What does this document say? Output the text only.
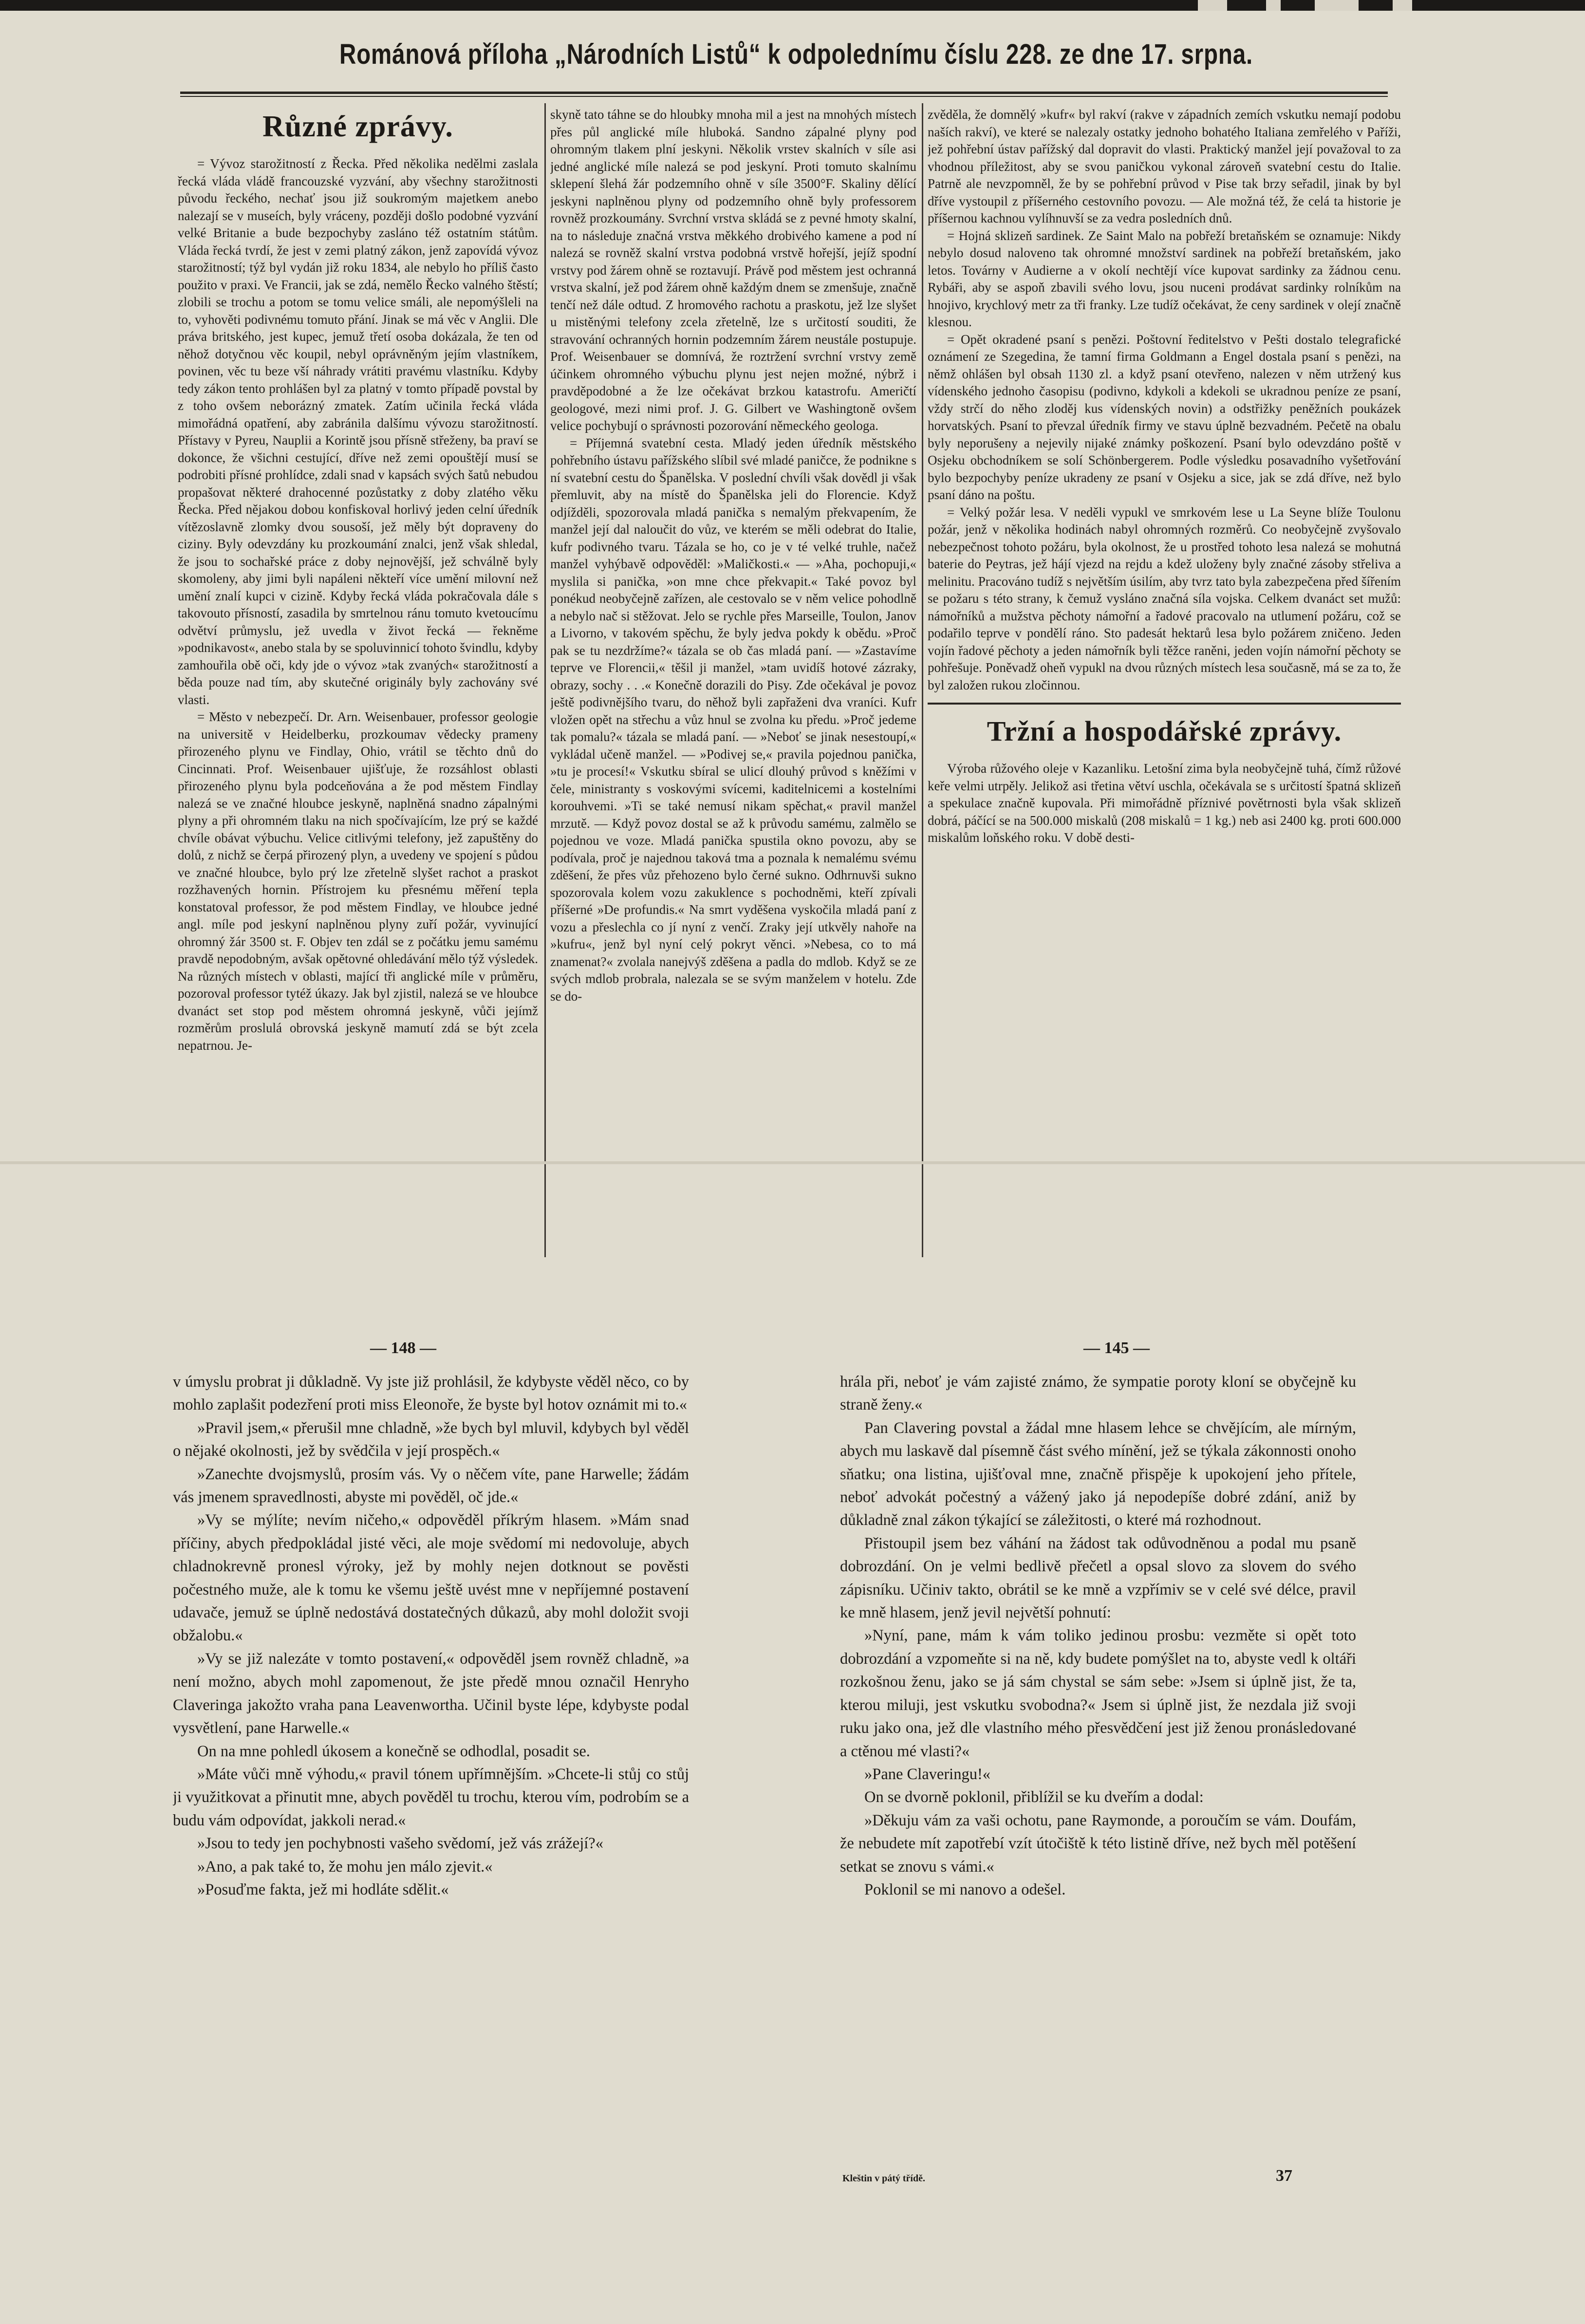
Románová příloha „Národních Listů“ k odpolednímu číslu 228. ze dne 17. srpna.
Různé zprávy.

= Vývoz starožitností z Řecka. Před několika nedělmi zaslala řecká vláda vládě francouzské vyzvání, aby všechny starožitnosti původu řeckého, nechať jsou již soukromým majetkem anebo nalezají se v museích, byly vráceny, později došlo podobné vyzvání velké Britanie a bude bezpochyby zasláno též ostatním státům. Vláda řecká tvrdí, že jest v zemi platný zákon, jenž zapovídá vývoz starožitností; týž byl vydán již roku 1834, ale nebylo ho příliš často použito v praxi. Ve Francii, jak se zdá, nemělo Řecko valného štěstí; zlobili se trochu a potom se tomu velice smáli, ale nepomýšleli na to, vyhověti podivnému tomuto přání. Jinak se má věc v Anglii. Dle práva britského, jest kupec, jemuž třetí osoba dokázala, že ten od něhož dotyčnou věc koupil, nebyl oprávněným jejím vlastníkem, povinen, věc tu beze vší náhrady vrátiti pravému vlastníku. Kdyby tedy zákon tento prohlášen byl za platný v tomto případě povstal by z toho ovšem neborázný zmatek. Zatím učinila řecká vláda mimořádná opatření, aby zabránila dalšímu vývozu starožitností. Přístavy v Pyreu, Nauplii a Korintě jsou přísně střeženy, ba praví se dokonce, že všichni cestující, dříve než zemi opouštějí musí se podrobiti přísné prohlídce, zdali snad v kapsách svých šatů nebudou propašovat některé drahocenné pozůstatky z doby zlatého věku Řecka. Před nějakou dobou konfiskoval horlivý jeden celní úředník vítězoslavně zlomky dvou sousoší, jež měly být dopraveny do ciziny. Byly odevzdány ku prozkoumání znalci, jenž však shledal, že jsou to sochařské práce z doby nejnovější, jež schválně byly skomoleny, aby jimi byli napáleni někteří více umění milovní než umění znalí kupci v cizině. Kdyby řecká vláda pokračovala dále s takovouto přísností, zasadila by smrtelnou ránu tomuto kvetoucímu odvětví průmyslu, jež uvedla v život řecká — řekněme »podnikavost«, anebo stala by se spoluvinnicí tohoto švindlu, kdyby zamhouřila obě oči, kdy jde o vývoz »tak zvaných« starožitností a běda pouze nad tím, aby skutečné originály byly zachovány své vlasti.

= Město v nebezpečí. Dr. Arn. Weisenbauer, professor geologie na universitě v Heidelberku, prozkoumav vědecky prameny přirozeného plynu ve Findlay, Ohio, vrátil se těchto dnů do Cincinnati. Prof. Weisenbauer ujišťuje, že rozsáhlost oblasti přirozeného plynu byla podceňována a že pod městem Findlay nalezá se ve značné hloubce jeskyně, naplněná snadno zápalnými plyny a při ohromném tlaku na nich spočívajícím, lze prý se každé chvíle obávat výbuchu. Velice citlivými telefony, jež zapuštěny do dolů, z nichž se čerpá přirozený plyn, a uvedeny ve spojení s půdou ve značné hloubce, bylo prý lze zřetelně slyšet rachot a praskot rozžhavených hornin. Přístrojem ku přesnému měření tepla konstatoval professor, že pod městem Findlay, ve hloubce jedné angl. míle pod jeskyní naplněnou plyny zuří požár, vyvinující ohromný žár 3500 st. F. Objev ten zdál se z počátku jemu samému pravdě nepodobným, avšak opětovné ohledávání mělo týž výsledek. Na různých místech v oblasti, mající tři anglické míle v průměru, pozoroval professor tytéž úkazy. Jak byl zjistil, nalezá se ve hloubce dvanáct set stop pod městem ohromná jeskyně, vůči jejímž rozměrům proslulá obrovská jeskyně mamutí zdá se být zcela nepatrnou. Je-

skyně tato táhne se do hloubky mnoha mil a jest na mnohých místech přes půl anglické míle hluboká. Sandno zápalné plyny pod ohromným tlakem plní jeskyni. Několik vrstev skalních v síle asi jedné anglické míle nalezá se pod jeskyní. Proti tomuto skalnímu sklepení šlehá žár podzemního ohně v síle 3500°F. Skaliny dělící jeskyni naplněnou plyny od podzemního ohně byly professorem rovněž prozkoumány. Svrchní vrstva skládá se z pevné hmoty skalní, na to následuje značná vrstva měkkého drobivého kamene a pod ní nalezá se rovněž skalní vrstva podobná vrstvě hořejší, jejíž spodní vrstvy pod žárem ohně se roztavují. Právě pod městem jest ochranná vrstva skalní, jež pod žárem ohně každým dnem se zmenšuje, značně tenčí než dále odtud. Z hromového rachotu a praskotu, jež lze slyšet u mistěnými telefony zcela zřetelně, lze s určitostí souditi, že stravování ochranných hornin podzemním žárem neustále postupuje. Prof. Weisenbauer se domnívá, že roztržení svrchní vrstvy země účinkem ohromného výbuchu plynu jest nejen možné, nýbrž i pravděpodobné a že lze očekávat brzkou katastrofu. Američtí geologové, mezi nimi prof. J. G. Gilbert ve Washingtoně ovšem velice pochybují o správnosti pozorování německého geologa.

= Příjemná svatební cesta. Mladý jeden úředník městského pohřebního ústavu pařížského slíbil své mladé paničce, že podnikne s ní svatební cestu do Španělska. V poslední chvíli však dovědl ji však přemluvit, aby na místě do Španělska jeli do Florencie. Když odjížděli, spozorovala mladá panička s nemalým překvapením, že manžel její dal naloučit do vůz, ve kterém se měli odebrat do Italie, kufr podivného tvaru. Tázala se ho, co je v té velké truhle, načež manžel vyhýbavě odpověděl: »Maličkosti.« — »Aha, pochopuji,« myslila si panička, »on mne chce překvapit.« Také povoz byl ponékud neobyčejně zařízen, ale cestovalo se v něm velice pohodlně a nebylo nač si stěžovat. Jelo se rychle přes Marseille, Toulon, Janov a Livorno, v takovém spěchu, že byly jedva pokdy k obědu. »Proč pak se tu nezdržíme?« tázala se ob čas mladá paní. — »Zastavíme teprve ve Florencii,« těšil ji manžel, »tam uvidíš hotové zázraky, obrazy, sochy . . .« Konečně dorazili do Pisy. Zde očekával je povoz ještě podivnějšího tvaru, do něhož byli zapřaženi dva vraníci. Kufr vložen opět na střechu a vůz hnul se zvolna ku předu. »Proč jedeme tak pomalu?« tázala se mladá paní. — »Neboť se jinak nesestoupí,« vykládal učeně manžel. — »Podivej se,« pravila pojednou panička, »tu je procesí!« Vskutku sbíral se ulicí dlouhý průvod s kněžími v čele, ministranty s voskovými svícemi, kaditelnicemi a kostelními korouhvemi. »Ti se také nemusí nikam spěchat,« pravil manžel mrzutě. — Když povoz dostal se až k průvodu samému, zalmělo se pojednou ve voze. Mladá panička spustila okno povozu, aby se podívala, proč je najednou taková tma a poznala k nemalému svému zděšení, že přes vůz přehozeno bylo černé sukno. Odhrnuvši sukno spozorovala kolem vozu zakuklence s pochodněmi, kteří zpívali příšerné »De profundis.« Na smrt vyděšena vyskočila mladá paní z vozu a přeslechla co jí nyní z venčí. Zraky její utkvěly nahoře na »kufru«, jenž byl nyní celý pokryt věnci. »Nebesa, co to má znamenat?« zvolala nanejvýš zděšena a padla do mdlob. Když se ze svých mdlob probrala, nalezala se se svým manželem v hotelu. Zde se do-

zvěděla, že domnělý »kufr« byl rakví (rakve v západních zemích vskutku nemají podobu naších rakví), ve které se nalezaly ostatky jednoho bohatého Italiana zemřelého v Paříži, jež pohřební ústav pařížský dal dopravit do vlasti. Praktický manžel její považoval to za vhodnou příležitost, aby se svou paničkou vykonal zároveň svatební cestu do Italie. Patrně ale nevzpomněl, že by se pohřební průvod v Pise tak brzy seřadil, jinak by byl dříve vystoupil z příšerného cestovního povozu. — Ale možná též, že celá ta historie je příšernou kachnou vylíhnuvší se za vedra posledních dnů.

= Hojná sklizeň sardinek. Ze Saint Malo na pobřeží bretaňském se oznamuje: Nikdy nebylo dosud naloveno tak ohromné množství sardinek na pobřeží bretaňském, jako letos. Továrny v Audierne a v okolí nechtějí více kupovat sardinky za žádnou cenu. Rybáři, aby se aspoň zbavili svého lovu, jsou nuceni prodávat sardinky rolníkům na hnojivo, krychlový metr za tři franky. Lze tudíž očekávat, že ceny sardinek v olejí značně klesnou.

= Opět okradené psaní s penězi. Poštovní ředitelstvo v Pešti dostalo telegrafické oznámení ze Szegedina, že tamní firma Goldmann a Engel dostala psaní s penězi, na němž ohlášen byl obsah 1130 zl. a když psaní otevřeno, nalezen v něm utržený kus vídenského jednoho časopisu (podivno, kdykoli a kdekoli se ukradnou peníze ze psaní, vždy strčí do něho zloděj kus vídenských novin) a odstřižky peněžních poukázek horvatských. Psaní to převzal úředník firmy ve stavu úplně bezvadném. Pečetě na obalu byly neporušeny a nejevily nijaké známky poškození. Psaní bylo odevzdáno poště v Osjeku obchodníkem se solí Schönbergerem. Podle výsledku posavadního vyšetřování bylo bezpochyby peníze ukradeny ze psaní v Osjeku a sice, jak se zdá dříve, než bylo psaní dáno na poštu.

= Velký požár lesa. V neděli vypukl ve smrkovém lese u La Seyne blíže Toulonu požár, jenž v několika hodinách nabyl ohromných rozměrů. Co neobyčejně zvyšovalo nebezpečnost tohoto požáru, byla okolnost, že u prostřed tohoto lesa nalezá se mohutná baterie do Peytras, jež hájí vjezd na rejdu a kdež uloženy byly značné zásoby střeliva a melinitu. Pracováno tudíž s největším úsilím, aby tvrz tato byla zabezpečena před šířením se požaru s této strany, k čemuž vysláno značná síla vojska. Celkem dvanáct set mužů: námořníků a mužstva pěchoty námořní a řadové pracovalo na utlumení požáru, což se podařilo teprve v pondělí ráno. Sto padesát hektarů lesa bylo požárem zničeno. Jeden vojín řadové pěchoty a jeden námořník byli těžce raněni, jeden vojín námořní pěchoty se pohřešuje. Poněvadž oheň vypukl na dvou různých místech lesa současně, má se za to, že byl založen rukou zločinnou.

Tržní a hospodářské zprávy.

Výroba růžového oleje v Kazanliku. Letošní zima byla neobyčejně tuhá, čímž růžové keře velmi utrpěly. Jelikož asi třetina větví uschla, očekávala se s určitostí špatná sklizeň a spekulace značně kupovala. Při mimořádně příznivé povětrnosti byla však sklizeň dobrá, páčící se na 500.000 miskalů (208 miskalů = 1 kg.) neb asi 2400 kg. proti 600.000 miskalům loňského roku. V době desti-

— 148 —

v úmyslu probrat ji důkladně. Vy jste již prohlásil, že kdybyste věděl něco, co by mohlo zaplašit podezření proti miss Eleonoře, že byste byl hotov oznámit mi to.«

»Pravil jsem,« přerušil mne chladně, »že bych byl mluvil, kdybych byl věděl o nějaké okolnosti, jež by svědčila v její prospěch.«

»Zanechte dvojsmyslů, prosím vás. Vy o něčem víte, pane Harwelle; žádám vás jmenem spravedlnosti, abyste mi pověděl, oč jde.«

»Vy se mýlíte; nevím ničeho,« odpověděl příkrým hlasem. »Mám snad příčiny, abych předpokládal jisté věci, ale moje svědomí mi nedovoluje, abych chladnokrevně pronesl výroky, jež by mohly nejen dotknout se pověsti počestného muže, ale k tomu ke všemu ještě uvést mne v nepříjemné postavení udavače, jemuž se úplně nedostává dostatečných důkazů, aby mohl doložit svoji obžalobu.«

»Vy se již nalezáte v tomto postavení,« odpověděl jsem rovněž chladně, »a není možno, abych mohl zapomenout, že jste předě mnou označil Henryho Claveringa jakožto vraha pana Leavenwortha. Učinil byste lépe, kdybyste podal vysvětlení, pane Harwelle.«

On na mne pohledl úkosem a konečně se odhodlal, posadit se.

»Máte vůči mně výhodu,« pravil tónem upřímnějším. »Chcete-li stůj co stůj ji využitkovat a přinutit mne, abych pověděl tu trochu, kterou vím, podrobím se a budu vám odpovídat, jakkoli nerad.«

»Jsou to tedy jen pochybnosti vašeho svědomí, jež vás zrážejí?«

»Ano, a pak také to, že mohu jen málo zjevit.«

»Posuďme fakta, jež mi hodláte sdělit.«

— 145 —

hrála při, neboť je vám zajisté známo, že sympatie poroty kloní se obyčejně ku straně ženy.«

Pan Clavering povstal a žádal mne hlasem lehce se chvějícím, ale mírným, abych mu laskavě dal písemně část svého mínění, jež se týkala zákonnosti onoho sňatku; ona listina, ujišťoval mne, značně přispěje k upokojení jeho přítele, neboť advokát počestný a vážený jako já nepodepíše dobré zdání, aniž by důkladně znal zákon týkající se záležitosti, o které má rozhodnout.

Přistoupil jsem bez váhání na žádost tak odůvodněnou a podal mu psaně dobrozdání. On je velmi bedlivě přečetl a opsal slovo za slovem do svého zápisníku. Učiniv takto, obrátil se ke mně a vzpřímiv se v celé své délce, pravil ke mně hlasem, jenž jevil největší pohnutí:

»Nyní, pane, mám k vám toliko jedinou prosbu: vezměte si opět toto dobrozdání a vzpomeňte si na ně, kdy budete pomýšlet na to, abyste vedl k oltáři rozkošnou ženu, jako se já sám chystal se sám sebe: »Jsem si úplně jist, že ta, kterou miluji, jest vskutku svobodna?« Jsem si úplně jist, že nezdala již svoji ruku jako ona, jež dle vlastního mého přesvědčení jest již ženou pronásledované a ctěnou mé vlasti?«

»Pane Claveringu!«

On se dvorně poklonil, přiblížil se ku dveřím a dodal:

»Děkuju vám za vaši ochotu, pane Raymonde, a poroučím se vám. Doufám, že nebudete mít zapotřebí vzít útočiště k této listině dříve, než bych měl potěšení setkat se znovu s vámi.«

Poklonil se mi nanovo a odešel.

Kleštin v pátý třídě.	37
